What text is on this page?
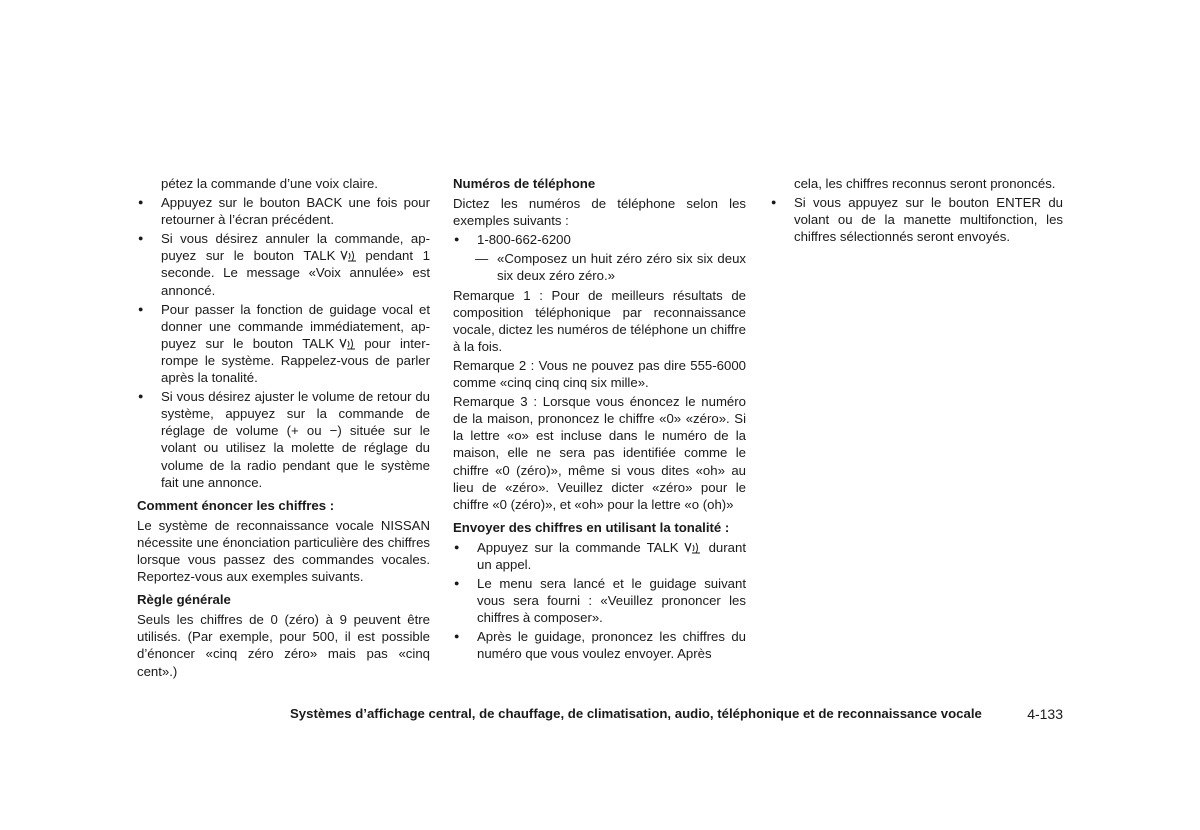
pétez la commande d’une voix claire.
● Appuyez sur le bouton BACK une fois pour retourner à l’écran précédent.
● Si vous désirez annuler la commande, appuyez sur le bouton TALK pendant 1 seconde. Le message «Voix annulée» est annoncé.
● Pour passer la fonction de guidage vocal et donner une commande immédiatement, appuyez sur le bouton TALK pour interrompe le système. Rappelez-vous de parler après la tonalité.
● Si vous désirez ajuster le volume de retour du système, appuyez sur la commande de réglage de volume (+ ou −) située sur le volant ou utilisez la molette de réglage du volume de la radio pendant que le système fait une annonce.
Comment énoncer les chiffres :
Le système de reconnaissance vocale NISSAN nécessite une énonciation particulière des chiffres lorsque vous passez des commandes vocales. Reportez-vous aux exemples suivants.
Règle générale
Seuls les chiffres de 0 (zéro) à 9 peuvent être utilisés. (Par exemple, pour 500, il est possible d’énoncer «cinq zéro zéro» mais pas «cinq cent».)
Numéros de téléphone
Dictez les numéros de téléphone selon les exemples suivants :
● 1-800-662-6200
— «Composez un huit zéro zéro six six deux six deux zéro zéro.»
Remarque 1 : Pour de meilleurs résultats de composition téléphonique par reconnaissance vocale, dictez les numéros de téléphone un chiffre à la fois.
Remarque 2 : Vous ne pouvez pas dire 555-6000 comme «cinq cinq cinq six mille».
Remarque 3 : Lorsque vous énoncez le numéro de la maison, prononcez le chiffre «0» «zéro». Si la lettre «o» est incluse dans le numéro de la maison, elle ne sera pas identifiée comme le chiffre «0 (zéro)», même si vous dites «oh» au lieu de «zéro». Veuillez dicter «zéro» pour le chiffre «0 (zéro)», et «oh» pour la lettre «o (oh)»
Envoyer des chiffres en utilisant la tonalité :
● Appuyez sur la commande TALK durant un appel.
● Le menu sera lancé et le guidage suivant vous sera fourni : «Veuillez prononcer les chiffres à composer».
● Après le guidage, prononcez les chiffres du numéro que vous voulez envoyer. Après
cela, les chiffres reconnus seront prononcés.
● Si vous appuyez sur le bouton ENTER du volant ou de la manette multifonction, les chiffres sélectionnés seront envoyés.
Systèmes d’affichage central, de chauffage, de climatisation, audio, téléphonique et de reconnaissance vocale	4-133
